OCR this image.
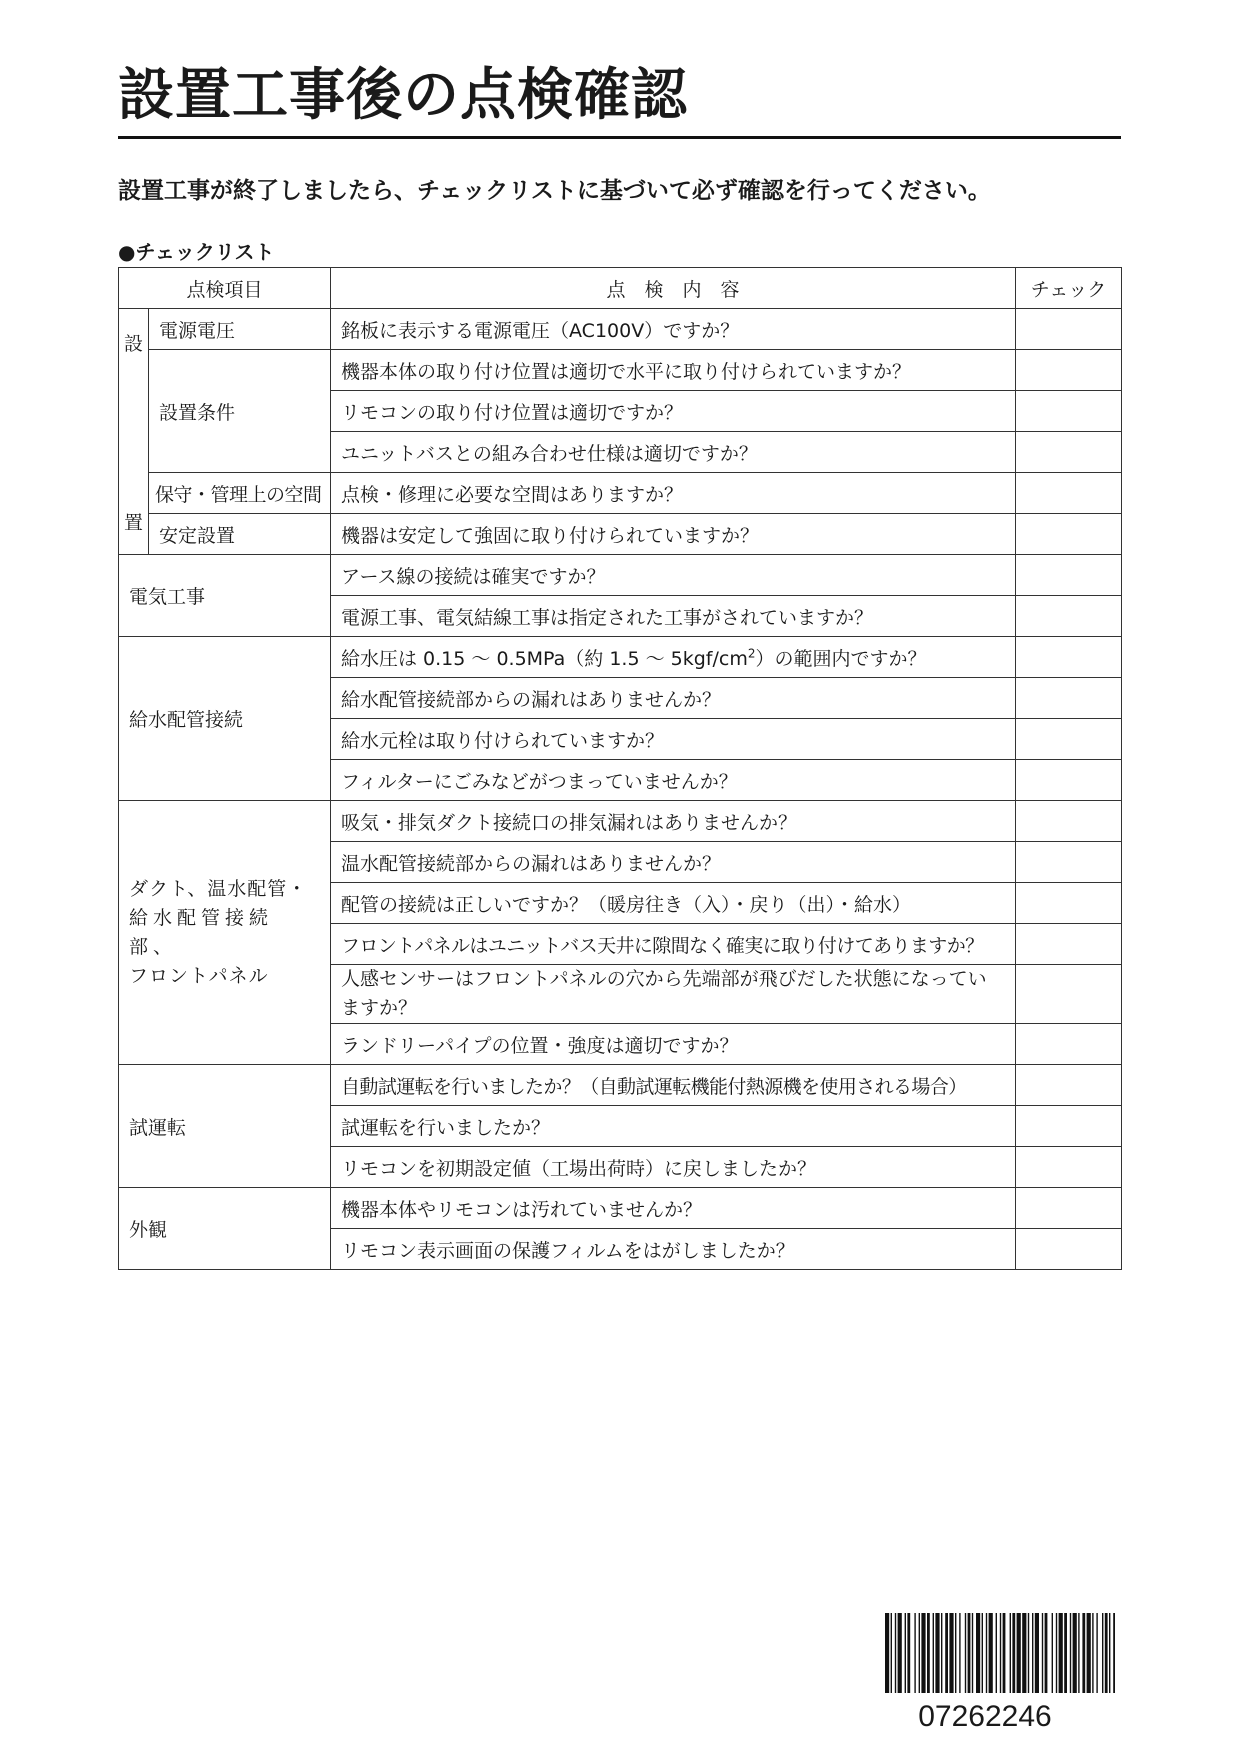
設置工事後の点検確認

設置工事が終了しましたら、チェックリストに基づいて必ず確認を行ってください。

●チェックリスト

点検項目		点　検　内　容	チェック

設
置	電源電圧	銘板に表示する電源電圧（AC100V）ですか？	
	設置条件	機器本体の取り付け位置は適切で水平に取り付けられていますか？	
		リモコンの取り付け位置は適切ですか？	
		ユニットバスとの組み合わせ仕様は適切ですか？	
	保守・管理上の空間	点検・修理に必要な空間はありますか？	
	安定設置	機器は安定して強固に取り付けられていますか？	
電気工事		アース線の接続は確実ですか？	
		電源工事、電気結線工事は指定された工事がされていますか？	
給水配管接続		給水圧は 0.15 ～ 0.5MPa（約 1.5 ～ $5kgf/cm^2$）の範囲内ですか？	
		給水配管接続部からの漏れはありませんか？	
		給水元栓は取り付けられていますか？	
		フィルターにごみなどがつまっていませんか？	

ダクト、温水配管・
給水配管接続部、
フロントパネル		吸気・排気ダクト接続口の排気漏れはありませんか？	
		温水配管接続部からの漏れはありませんか？	
		配管の接続は正しいですか？（暖房往き（入）・戻り（出）・給水）	
		フロントパネルはユニットバス天井に隙間なく確実に取り付けてありますか？	
		人感センサーはフロントパネルの穴から先端部が飛びだした状態になっていますか？	
		ランドリーパイプの位置・強度は適切ですか？	
試運転		自動試運転を行いましたか？（自動試運転機能付熱源機を使用される場合）	
		試運転を行いましたか？	
		リモコンを初期設定値（工場出荷時）に戻しましたか？	
外観		機器本体やリモコンは汚れていませんか？	
		リモコン表示画面の保護フィルムをはがしましたか？	
07262246
